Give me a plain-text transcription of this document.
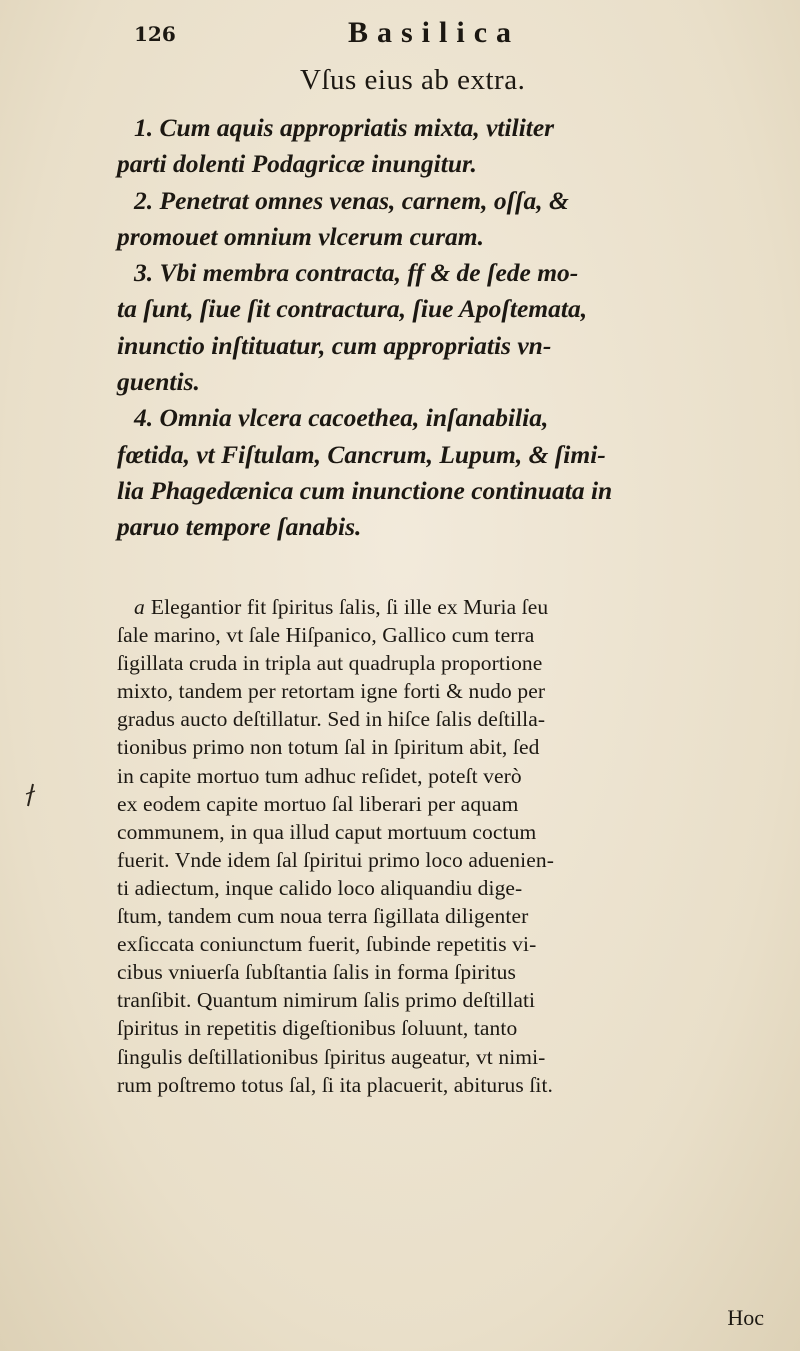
126	Basilica
Vſus eius ab extra.
1. Cum aquis appropriatis mixta, vtiliter
parti dolenti Podagricæ inungitur.
2. Penetrat omnes venas, carnem, oſſa, &
promouet omnium vlcerum curam.
3. Vbi membra contracta, ff & de ſede mo-
ta ſunt, ſiue ſit contractura, ſiue Apoſtemata,
inunctio inſtituatur, cum appropriatis vn-
guentis.
4. Omnia vlcera cacoethea, inſanabilia,
fœtida, vt Fiſtulam, Cancrum, Lupum, & ſimi-
lia Phagedænica cum inunctione continuata in
paruo tempore ſanabis.
a Elegantior fit ſpiritus ſalis, ſi ille ex Muria ſeu
ſale marino, vt ſale Hiſpanico, Gallico cum terra
ſigillata cruda in tripla aut quadrupla proportione
mixto, tandem per retortam igne forti & nudo per
gradus aucto deſtillatur. Sed in hiſce ſalis deſtilla-
tionibus primo non totum ſal in ſpiritum abit, ſed
in capite mortuo tum adhuc reſidet, poteſt verò
ex eodem capite mortuo ſal liberari per aquam
communem, in qua illud caput mortuum coctum
fuerit. Vnde idem ſal ſpiritui primo loco aduenien-
ti adiectum, inque calido loco aliquandiu dige-
ſtum, tandem cum noua terra ſigillata diligenter
exſiccata coniunctum fuerit, ſubinde repetitis vi-
cibus vniuerſa ſubſtantia ſalis in forma ſpiritus
tranſibit. Quantum nimirum ſalis primo deſtillati
ſpiritus in repetitis digeſtionibus ſoluunt, tanto
ſingulis deſtillationibus ſpiritus augeatur, vt nimi-
rum poſtremo totus ſal, ſi ita placuerit, abiturus ſit.
Hoc
